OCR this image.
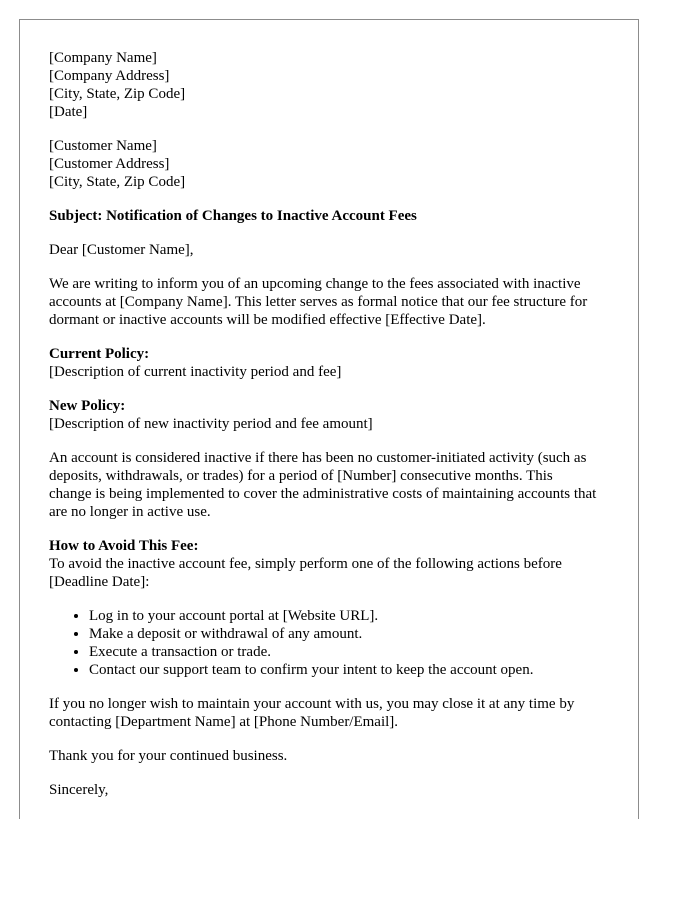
[Company Name]
[Company Address]
[City, State, Zip Code]
[Date]
[Customer Name]
[Customer Address]
[City, State, Zip Code]

Subject: Notification of Changes to Inactive Account Fees

Dear [Customer Name],

We are writing to inform you of an upcoming change to the fees associated with inactive
accounts at [Company Name]. This letter serves as formal notice that our fee structure for
dormant or inactive accounts will be modified effective [Effective Date].

Current Policy:
[Description of current inactivity period and fee]

New Policy:
[Description of new inactivity period and fee amount]

An account is considered inactive if there has been no customer-initiated activity (such as
deposits, withdrawals, or trades) for a period of [Number] consecutive months. This
change is being implemented to cover the administrative costs of maintaining accounts that
are no longer in active use.

How to Avoid This Fee:
To avoid the inactive account fee, simply perform one of the following actions before
[Deadline Date]:

• Log in to your account portal at [Website URL].
• Make a deposit or withdrawal of any amount.
• Execute a transaction or trade.
• Contact our support team to confirm your intent to keep the account open.

If you no longer wish to maintain your account with us, you may close it at any time by
contacting [Department Name] at [Phone Number/Email].

Thank you for your continued business.

Sincerely,
